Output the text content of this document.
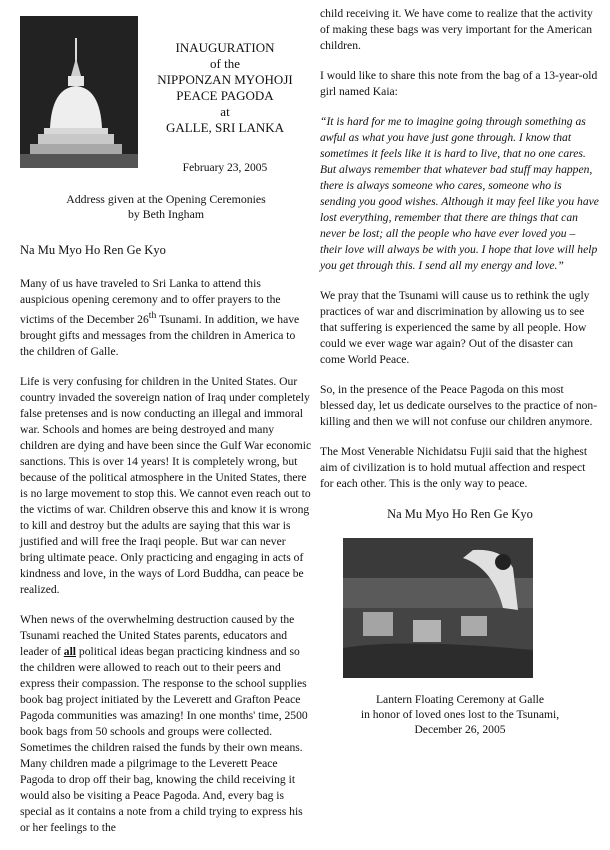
INAUGURATION
of the
NIPPONZAN MYOHOJI
PEACE PAGODA
at
GALLE, SRI LANKA
February 23, 2005
Address given at the Opening Ceremonies
by Beth Ingham
Na Mu Myo Ho Ren Ge Kyo

Many of us have traveled to Sri Lanka to attend this auspicious opening ceremony and to offer prayers to the victims of the December 26th Tsunami. In addition, we have brought gifts and messages from the children in America to the children of Galle.

Life is very confusing for children in the United States. Our country invaded the sovereign nation of Iraq under completely false pretenses and is now conducting an illegal and immoral war. Schools and homes are being destroyed and many children are dying and have been since the Gulf War economic sanctions. This is over 14 years! It is completely wrong, but because of the political atmosphere in the United States, there is no large movement to stop this. We cannot even reach out to the victims of war. Children observe this and know it is wrong to kill and destroy but the adults are saying that this war is justified and will free the Iraqi people. But war can never bring ultimate peace. Only practicing and engaging in acts of kindness and love, in the ways of Lord Buddha, can peace be realized.

When news of the overwhelming destruction caused by the Tsunami reached the United States parents, educators and leader of all political ideas began practicing kindness and so the children were allowed to reach out to their peers and express their compassion. The response to the school supplies book bag project initiated by the Leverett and Grafton Peace Pagoda communities was amazing! In one months' time, 2500 book bags from 50 schools and groups were collected. Sometimes the children raised the funds by their own means. Many children made a pilgrimage to the Leverett Peace Pagoda to drop off their bag, knowing the child receiving it would also be visiting a Peace Pagoda. And, every bag is special as it contains a note from a child trying to express his or her feelings to the

child receiving it. We have come to realize that the activity of making these bags was very important for the American children.

I would like to share this note from the bag of a 13-year-old girl named Kaia:

“It is hard for me to imagine going through something as awful as what you have just gone through. I know that sometimes it feels like it is hard to live, that no one cares. But always remember that whatever bad stuff may happen, there is always someone who cares, someone who is sending you good wishes. Although it may feel like you have lost everything, remember that there are things that can never be lost; all the people who have ever loved you – their love will always be with you. I hope that love will help you get through this. I send all my energy and love.”

We pray that the Tsunami will cause us to rethink the ugly practices of war and discrimination by allowing us to see that suffering is experienced the same by all people. How could we ever wage war again? Out of the disaster can come World Peace.

So, in the presence of the Peace Pagoda on this most blessed day, let us dedicate ourselves to the practice of non-killing and then we will not confuse our children anymore.

The Most Venerable Nichidatsu Fujii said that the highest aim of civilization is to hold mutual affection and respect for each other. This is the only way to peace.

Na Mu Myo Ho Ren Ge Kyo
Lantern Floating Ceremony at Galle
in honor of loved ones lost to the Tsunami,
December 26, 2005
